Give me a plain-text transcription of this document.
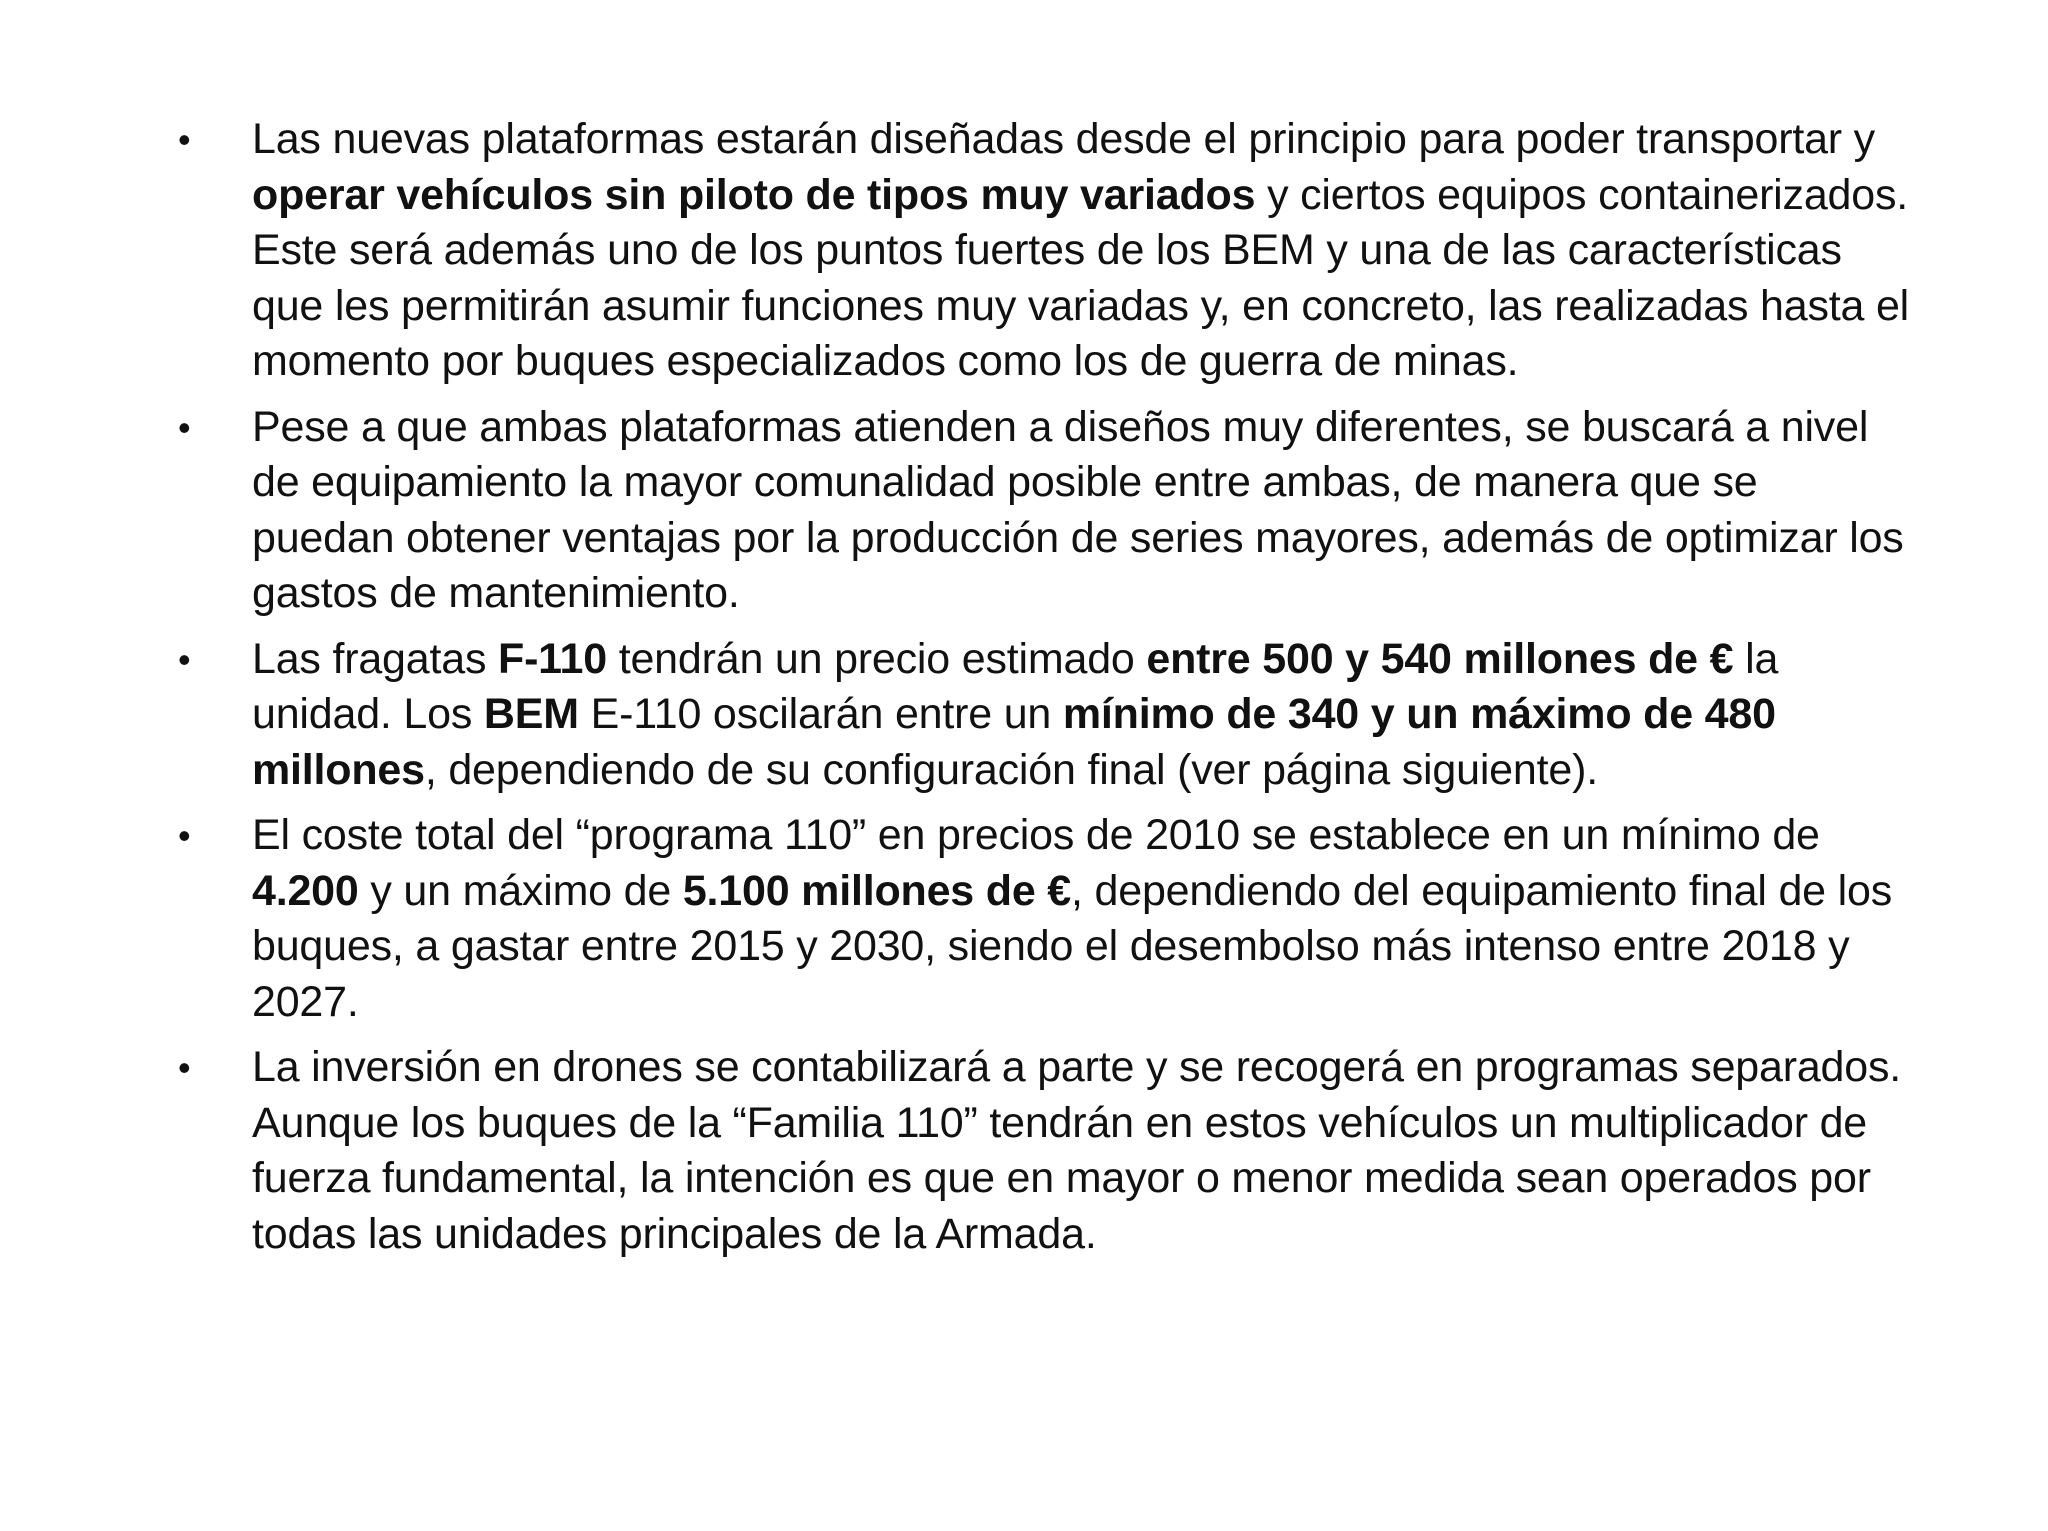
• Las nuevas plataformas estarán diseñadas desde el principio para poder transportar y operar vehículos sin piloto de tipos muy variados y ciertos equipos containerizados. Este será además uno de los puntos fuertes de los BEM y una de las características que les permitirán asumir funciones muy variadas y, en concreto, las realizadas hasta el momento por buques especializados como los de guerra de minas.
• Pese a que ambas plataformas atienden a diseños muy diferentes, se buscará a nivel de equipamiento la mayor comunalidad posible entre ambas, de manera que se puedan obtener ventajas por la producción de series mayores, además de optimizar los gastos de mantenimiento.
• Las fragatas F-110 tendrán un precio estimado entre 500 y 540 millones de € la unidad. Los BEM E-110 oscilarán entre un mínimo de 340 y un máximo de 480 millones, dependiendo de su configuración final (ver página siguiente).
• El coste total del “programa 110” en precios de 2010 se establece en un mínimo de 4.200 y un máximo de 5.100 millones de €, dependiendo del equipamiento final de los buques, a gastar entre 2015 y 2030, siendo el desembolso más intenso entre 2018 y 2027.
• La inversión en drones se contabilizará a parte y se recogerá en programas separados. Aunque los buques de la “Familia 110” tendrán en estos vehículos un multiplicador de fuerza fundamental, la intención es que en mayor o menor medida sean operados por todas las unidades principales de la Armada.
